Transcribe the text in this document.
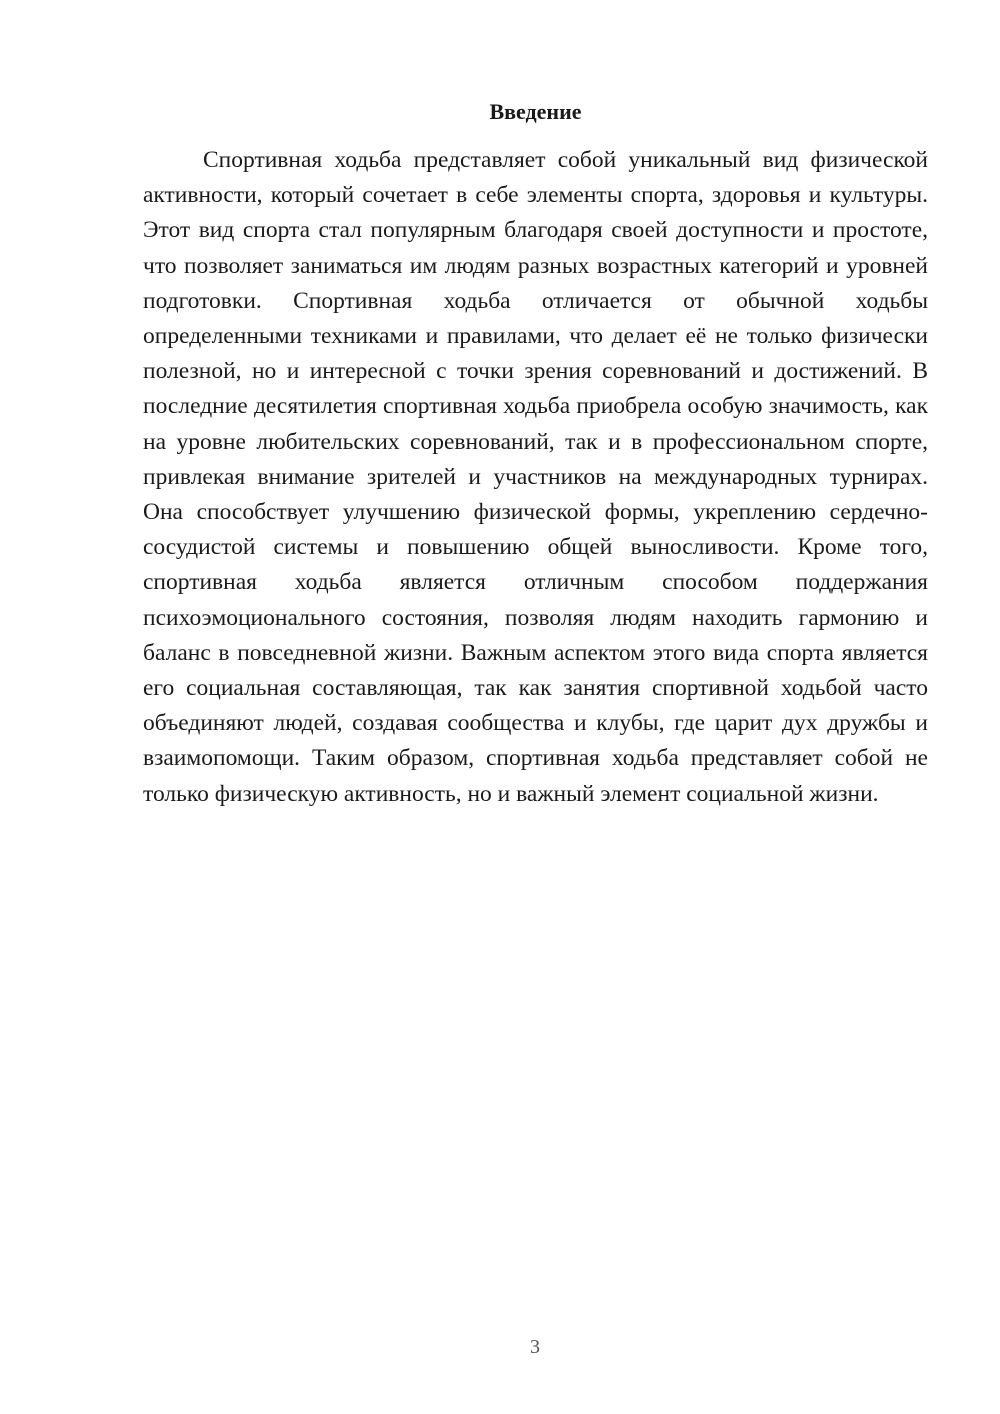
Введение

Спортивная ходьба представляет собой уникальный вид физической активности, который сочетает в себе элементы спорта, здоровья и культуры. Этот вид спорта стал популярным благодаря своей доступности и простоте, что позволяет заниматься им людям разных возрастных категорий и уровней подготовки. Спортивная ходьба отличается от обычной ходьбы определенными техниками и правилами, что делает её не только физически полезной, но и интересной с точки зрения соревнований и достижений. В последние десятилетия спортивная ходьба приобрела особую значимость, как на уровне любительских соревнований, так и в профессиональном спорте, привлекая внимание зрителей и участников на международных турнирах. Она способствует улучшению физической формы, укреплению сердечно-сосудистой системы и повышению общей выносливости. Кроме того, спортивная ходьба является отличным способом поддержания психоэмоционального состояния, позволяя людям находить гармонию и баланс в повседневной жизни. Важным аспектом этого вида спорта является его социальная составляющая, так как занятия спортивной ходьбой часто объединяют людей, создавая сообщества и клубы, где царит дух дружбы и взаимопомощи. Таким образом, спортивная ходьба представляет собой не только физическую активность, но и важный элемент социальной жизни.

3
